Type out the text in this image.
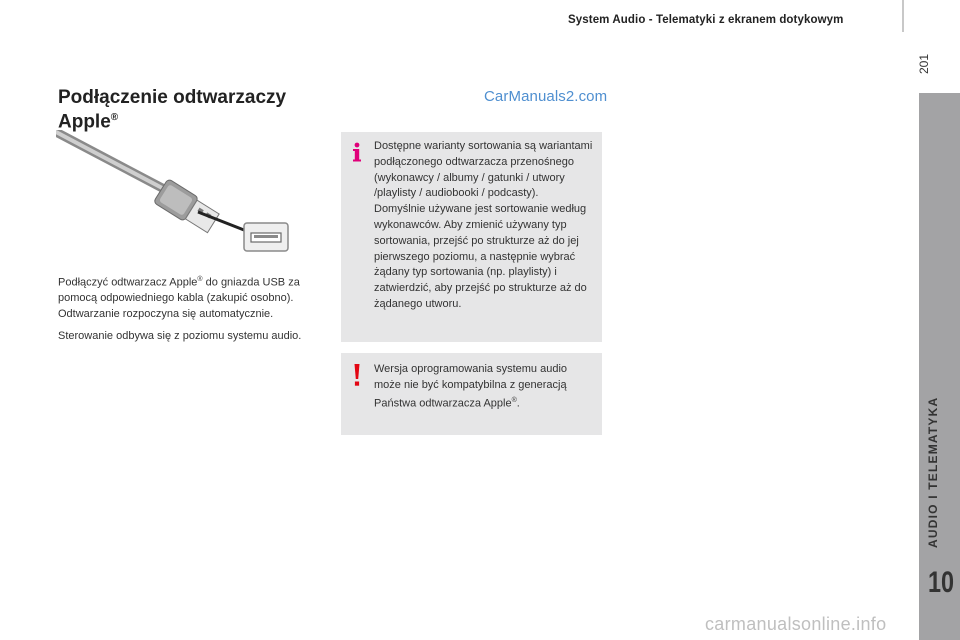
System Audio - Telematyki z ekranem dotykowym
201
AUDIO I TELEMATYKA
10
Podłączenie odtwarzaczy
Apple®
CarManuals2.com

Podłączyć odtwarzacz Apple® do gniazda USB za pomocą odpowiedniego kabla (zakupić osobno).
Odtwarzanie rozpoczyna się automatycznie.

Sterowanie odbywa się z poziomu systemu audio.

Dostępne warianty sortowania są wariantami podłączonego odtwarzacza przenośnego (wykonawcy / albumy / gatunki / utwory /playlisty / audiobooki / podcasty).
Domyślnie używane jest sortowanie według wykonawców. Aby zmienić używany typ sortowania, przejść po strukturze aż do jej pierwszego poziomu, a następnie wybrać żądany typ sortowania (np. playlisty) i zatwierdzić, aby przejść po strukturze aż do żądanego utworu.
Wersja oprogramowania systemu audio może nie być kompatybilna z generacją Państwa odtwarzacza Apple®.
carmanualsonline.info
